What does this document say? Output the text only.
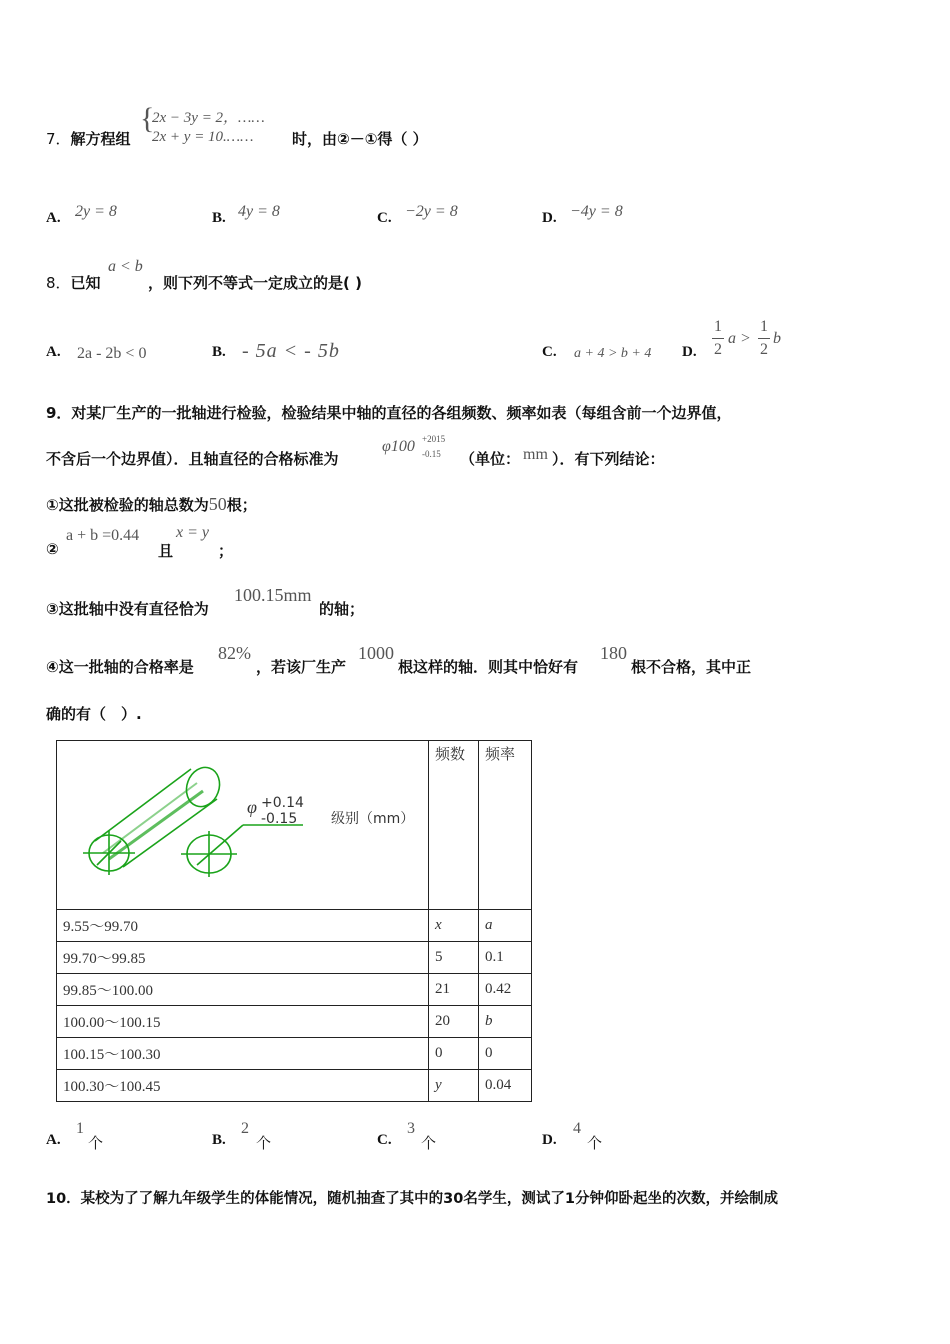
7．解方程组
{
2x − 3y = 2，……
2x + y = 10.……	时，由②－①得（ ）
A. 2y = 8	B. 4y = 8	C. −2y = 8	D. −4y = 8
8．已知
a < b
，则下列不等式一定成立的是( )
A. 2a - 2b < 0	B. - 5a < - 5b	C. a + 4 > b + 4 D.
1
2
a >
1
2
b
9．对某厂生产的一批轴进行检验，检验结果中轴的直径的各组频数、频率如表（每组含前一个边界值，
不含后一个边界值）．且轴直径的合格标准为
φ100 +2015
-0.15 （单位： mm ）．有下列结论：
①这批被检验的轴总数为50根；
②
a + b =0.44
且
x = y
；
③这批轴中没有直径恰为
100.15mm
的轴；
④这一批轴的合格率是
82%
，若该厂生产
1000
根这样的轴．则其中恰好有
180
根不合格，其中正
确的有（　）.
φ +0.14
-0.15 级别（mm）	频数	频率
9.55～99.70	x	a
99.70～99.85	5	0.1
99.85～100.00	21	0.42
100.00～100.15	20	b
100.15～100.30	0	0
100.30～100.45	y	0.04
A.
1
个	B.
2
个	C.
3
个	D.
4
个
10．某校为了了解九年级学生的体能情况，随机抽查了其中的30名学生，测试了1分钟仰卧起坐的次数，并绘制成
